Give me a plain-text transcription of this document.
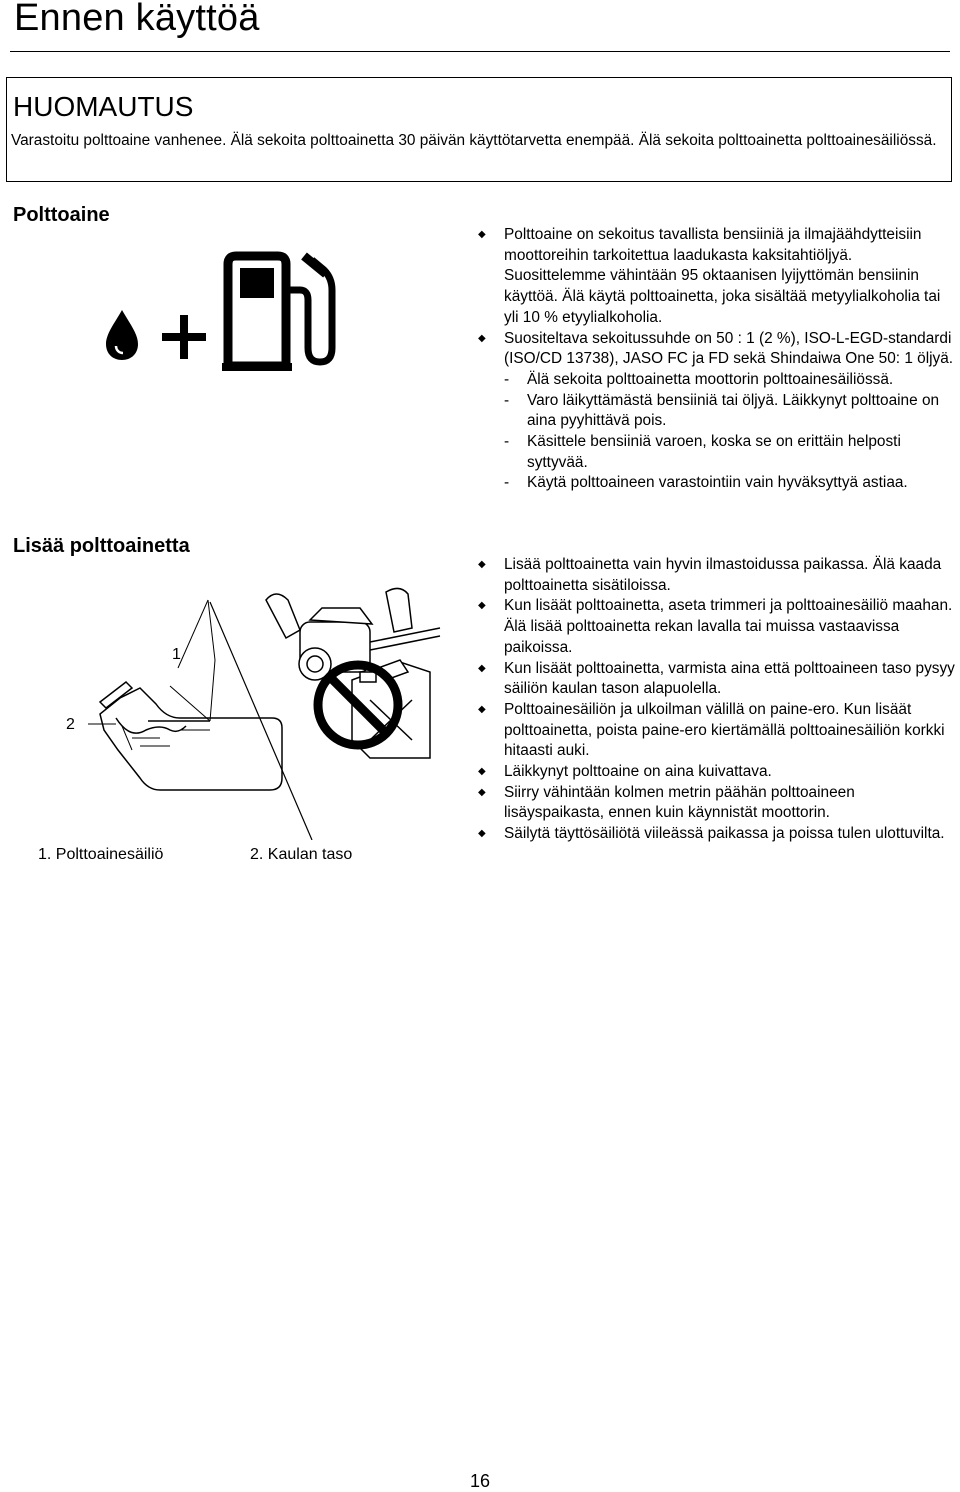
Ennen käyttöä
HUOMAUTUS
Varastoitu polttoaine vanhenee. Älä sekoita polttoainetta 30 päivän käyttötarvetta enempää. Älä sekoita polttoainetta polttoainesäiliössä.
Polttoaine
◆ Polttoaine on sekoitus tavallista bensiiniä ja ilmajäähdytteisiin moottoreihin tarkoitettua laadukasta kaksitahtiöljyä. Suosittelemme vähintään 95 oktaanisen lyijyttömän bensiinin käyttöä. Älä käytä polttoainetta, joka sisältää metyylialkoholia tai yli 10 % etyylialkoholia.
◆ Suositeltava sekoitussuhde on 50 : 1 (2 %), ISO-L-EGD-standardi (ISO/CD 13738), JASO FC ja FD sekä Shindaiwa One 50: 1 öljyä.
- Älä sekoita polttoainetta moottorin polttoainesäiliössä.
- Varo läikyttämästä bensiiniä tai öljyä. Läikkynyt polttoaine on aina pyyhittävä pois.
- Käsittele bensiiniä varoen, koska se on erittäin helposti syttyvää.
- Käytä polttoaineen varastointiin vain hyväksyttyä astiaa.
Lisää polttoainetta
1
2
1. Polttoainesäiliö	2. Kaulan taso
◆ Lisää polttoainetta vain hyvin ilmastoidussa paikassa. Älä kaada polttoainetta sisätiloissa.
◆ Kun lisäät polttoainetta, aseta trimmeri ja polttoainesäiliö maahan. Älä lisää polttoainetta rekan lavalla tai muissa vastaavissa paikoissa.
◆ Kun lisäät polttoainetta, varmista aina että polttoaineen taso pysyy säiliön kaulan tason alapuolella.
◆ Polttoainesäiliön ja ulkoilman välillä on paine-ero. Kun lisäät polttoainetta, poista paine-ero kiertämällä polttoainesäiliön korkki hitaasti auki.
◆ Läikkynyt polttoaine on aina kuivattava.
◆ Siirry vähintään kolmen metrin päähän polttoaineen lisäyspaikasta, ennen kuin käynnistät moottorin.
◆ Säilytä täyttösäiliötä viileässä paikassa ja poissa tulen ulottuvilta.
16
